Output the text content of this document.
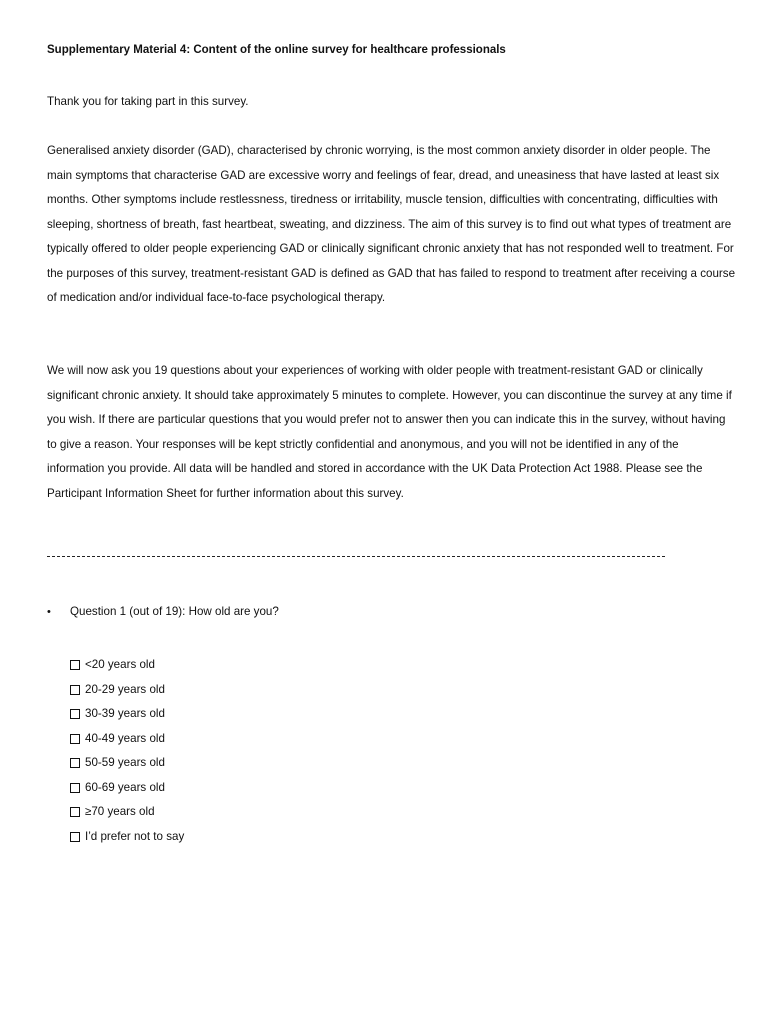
Supplementary Material 4: Content of the online survey for healthcare professionals

Thank you for taking part in this survey.

Generalised anxiety disorder (GAD), characterised by chronic worrying, is the most common anxiety disorder in older people. The main symptoms that characterise GAD are excessive worry and feelings of fear, dread, and uneasiness that have lasted at least six months. Other symptoms include restlessness, tiredness or irritability, muscle tension, difficulties with concentrating, difficulties with sleeping, shortness of breath, fast heartbeat, sweating, and dizziness. The aim of this survey is to find out what types of treatment are typically offered to older people experiencing GAD or clinically significant chronic anxiety that has not responded well to treatment. For the purposes of this survey, treatment-resistant GAD is defined as GAD that has failed to respond to treatment after receiving a course of medication and/or individual face-to-face psychological therapy.

We will now ask you 19 questions about your experiences of working with older people with treatment-resistant GAD or clinically significant chronic anxiety. It should take approximately 5 minutes to complete. However, you can discontinue the survey at any time if you wish. If there are particular questions that you would prefer not to answer then you can indicate this in the survey, without having to give a reason. Your responses will be kept strictly confidential and anonymous, and you will not be identified in any of the information you provide. All data will be handled and stored in accordance with the UK Data Protection Act 1988. Please see the Participant Information Sheet for further information about this survey.

• Question 1 (out of 19): How old are you?
<20 years old
20-29 years old
30-39 years old
40-49 years old
50-59 years old
60-69 years old
≥70 years old
I’d prefer not to say
